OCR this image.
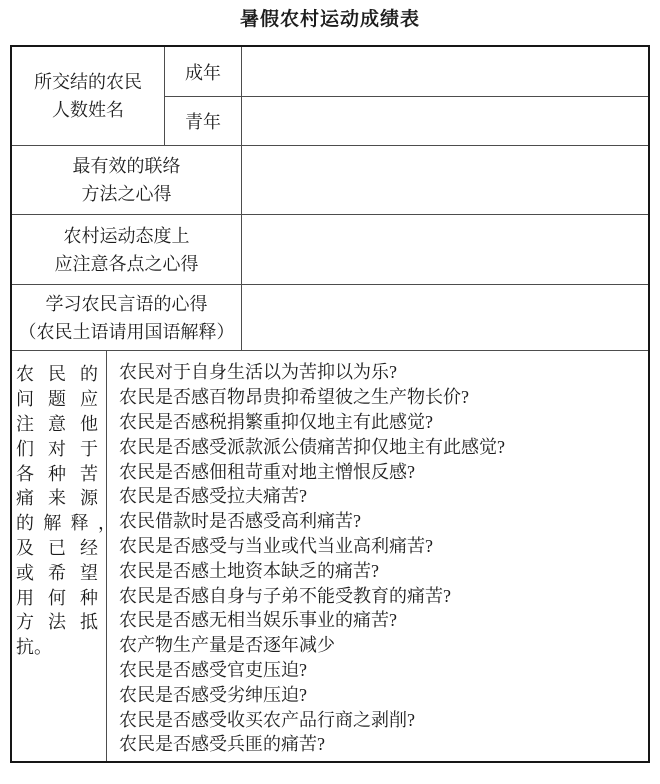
暑假农村运动成绩表
所交结的农民
人数姓名
成年
青年
最有效的联络
方法之心得
农村运动态度上
应注意各点之心得
学习农民言语的心得
（农民土语请用国语解释）
农 民 的
问 题 应
注 意 他
们 对 于
各 种 苦
痛 来 源
的 解 释 ，
及 已 经
或 希 望
用 何 种
方 法 抵
抗 。
农民对于自身生活以为苦抑以为乐?
农民是否感百物昂贵抑希望彼之生产物长价?
农民是否感税捐繁重抑仅地主有此感觉?
农民是否感受派款派公债痛苦抑仅地主有此感觉?
农民是否感佃租苛重对地主憎恨反感?
农民是否感受拉夫痛苦?
农民借款时是否感受高利痛苦?
农民是否感受与当业或代当业高利痛苦?
农民是否感土地资本缺乏的痛苦?
农民是否感自身与子弟不能受教育的痛苦?
农民是否感无相当娱乐事业的痛苦?
农产物生产量是否逐年减少
农民是否感受官吏压迫?
农民是否感受劣绅压迫?
农民是否感受收买农产品行商之剥削?
农民是否感受兵匪的痛苦?
